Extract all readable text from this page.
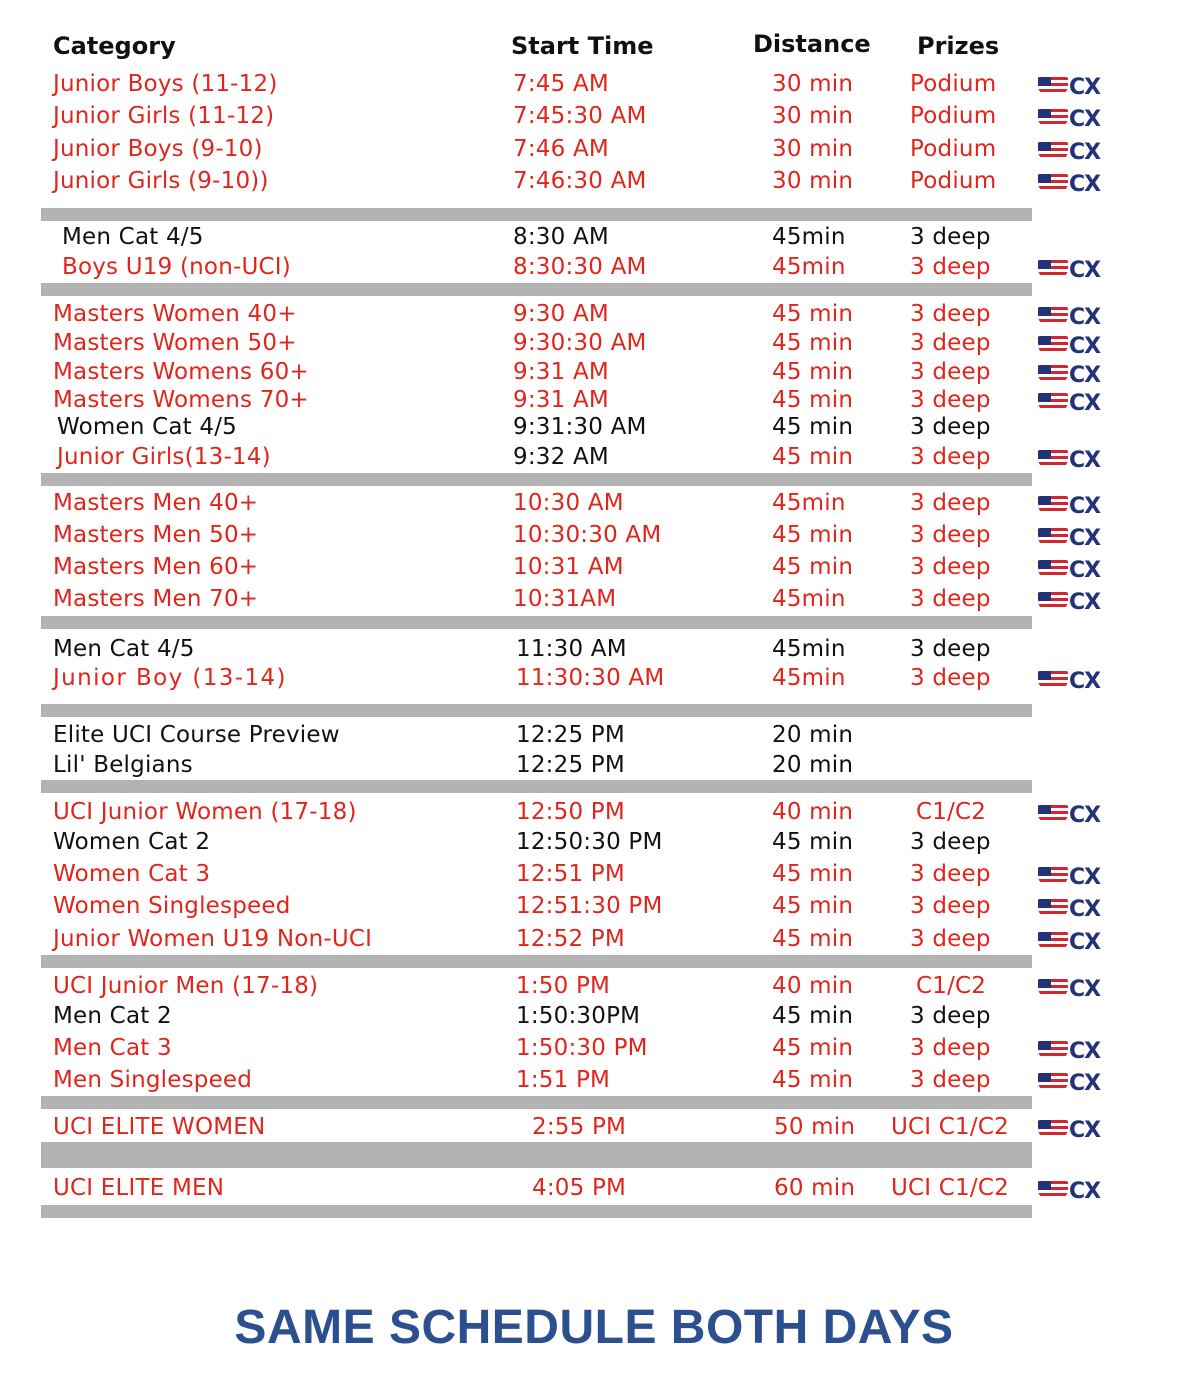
Category	Start Time	Distance Prizes
Junior Boys (11-12)	7:45 AM	30 min Podium	CX
Junior Girls (11-12)	7:45:30 AM	30 min Podium	CX
Junior Boys (9-10)	7:46 AM	30 min Podium	CX
Junior Girls (9-10))	7:46:30 AM	30 min Podium	CX
Men Cat 4/5	8:30 AM	45min	3 deep
Boys U19 (non-UCI)	8:30:30 AM	45min	3 deep	CX
Masters Women 40+	9:30 AM	45 min 3 deep	CX
Masters Women 50+	9:30:30 AM	45 min 3 deep	CX
Masters Womens 60+	9:31 AM	45 min 3 deep	CX
Masters Womens 70+	9:31 AM	45 min 3 deep	CX
Women Cat 4/5	9:31:30 AM	45 min 3 deep
Junior Girls(13-14)	9:32 AM	45 min 3 deep	CX
Masters Men 40+	10:30 AM	45min	3 deep	CX
Masters Men 50+	10:30:30 AM	45 min 3 deep	CX
Masters Men 60+	10:31 AM	45 min 3 deep	CX
Masters Men 70+	10:31AM	45min	3 deep	CX
Men Cat 4/5	11:30 AM	45min	3 deep
Junior Boy (13-14)	11:30:30 AM	45min	3 deep	CX
Elite UCI Course Preview	12:25 PM	20 min
Lil' Belgians	12:25 PM	20 min
UCI Junior Women (17-18)	12:50 PM	40 min	C1/C2	CX
Women Cat 2	12:50:30 PM	45 min 3 deep
Women Cat 3	12:51 PM	45 min 3 deep	CX
Women Singlespeed	12:51:30 PM	45 min 3 deep	CX
Junior Women U19 Non-UCI	12:52 PM	45 min 3 deep	CX
UCI Junior Men (17-18)	1:50 PM	40 min	C1/C2	CX
Men Cat 2	1:50:30PM	45 min 3 deep
Men Cat 3	1:50:30 PM	45 min 3 deep	CX
Men Singlespeed	1:51 PM	45 min 3 deep	CX
UCI ELITE WOMEN	2:55 PM	50 min UCI C1/C2	CX
UCI ELITE MEN	4:05 PM	60 min UCI C1/C2	CX
SAME SCHEDULE BOTH DAYS
